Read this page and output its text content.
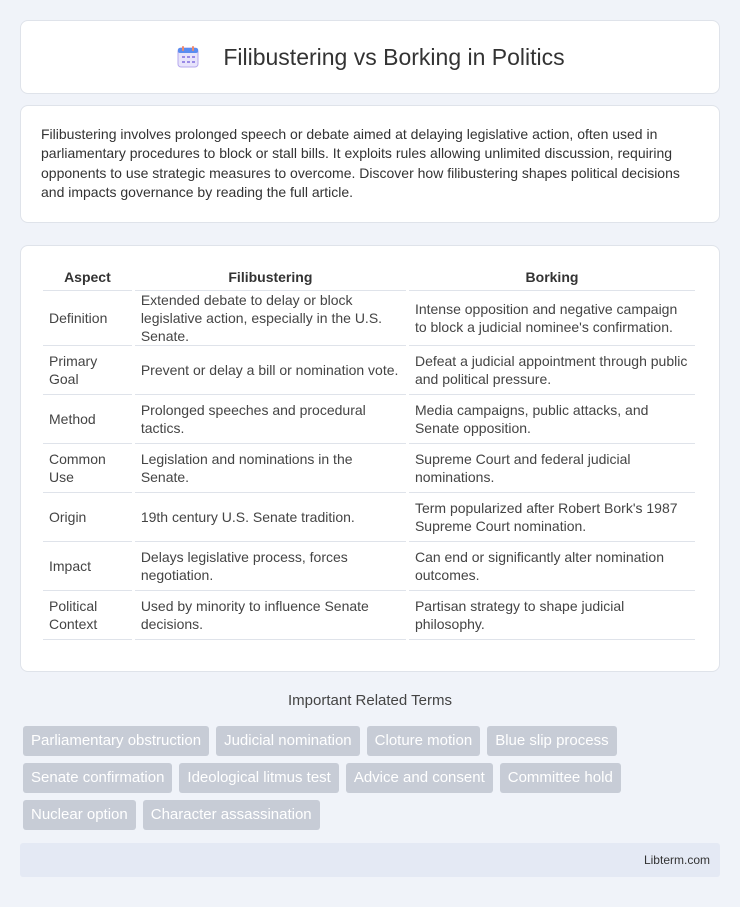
Filibustering vs Borking in Politics

Filibustering involves prolonged speech or debate aimed at delaying legislative action, often used in parliamentary procedures to block or stall bills. It exploits rules allowing unlimited discussion, requiring opponents to use strategic measures to overcome. Discover how filibustering shapes political decisions and impacts governance by reading the full article.

Aspect	Filibustering	Borking
Definition	Extended debate to delay or block legislative action, especially in the U.S. Senate.	Intense opposition and negative campaign to block a judicial nominee's confirmation.
Primary Goal	Prevent or delay a bill or nomination vote.	Defeat a judicial appointment through public and political pressure.
Method	Prolonged speeches and procedural tactics.	Media campaigns, public attacks, and Senate opposition.
Common Use	Legislation and nominations in the Senate.	Supreme Court and federal judicial nominations.
Origin	19th century U.S. Senate tradition.	Term popularized after Robert Bork's 1987 Supreme Court nomination.
Impact	Delays legislative process, forces negotiation.	Can end or significantly alter nomination outcomes.
Political Context	Used by minority to influence Senate decisions.	Partisan strategy to shape judicial philosophy.
Important Related Terms
Parliamentary obstruction	Judicial nomination	Cloture motion	Blue slip process
Senate confirmation	Ideological litmus test	Advice and consent	Committee hold
Nuclear option	Character assassination
Libterm.com
